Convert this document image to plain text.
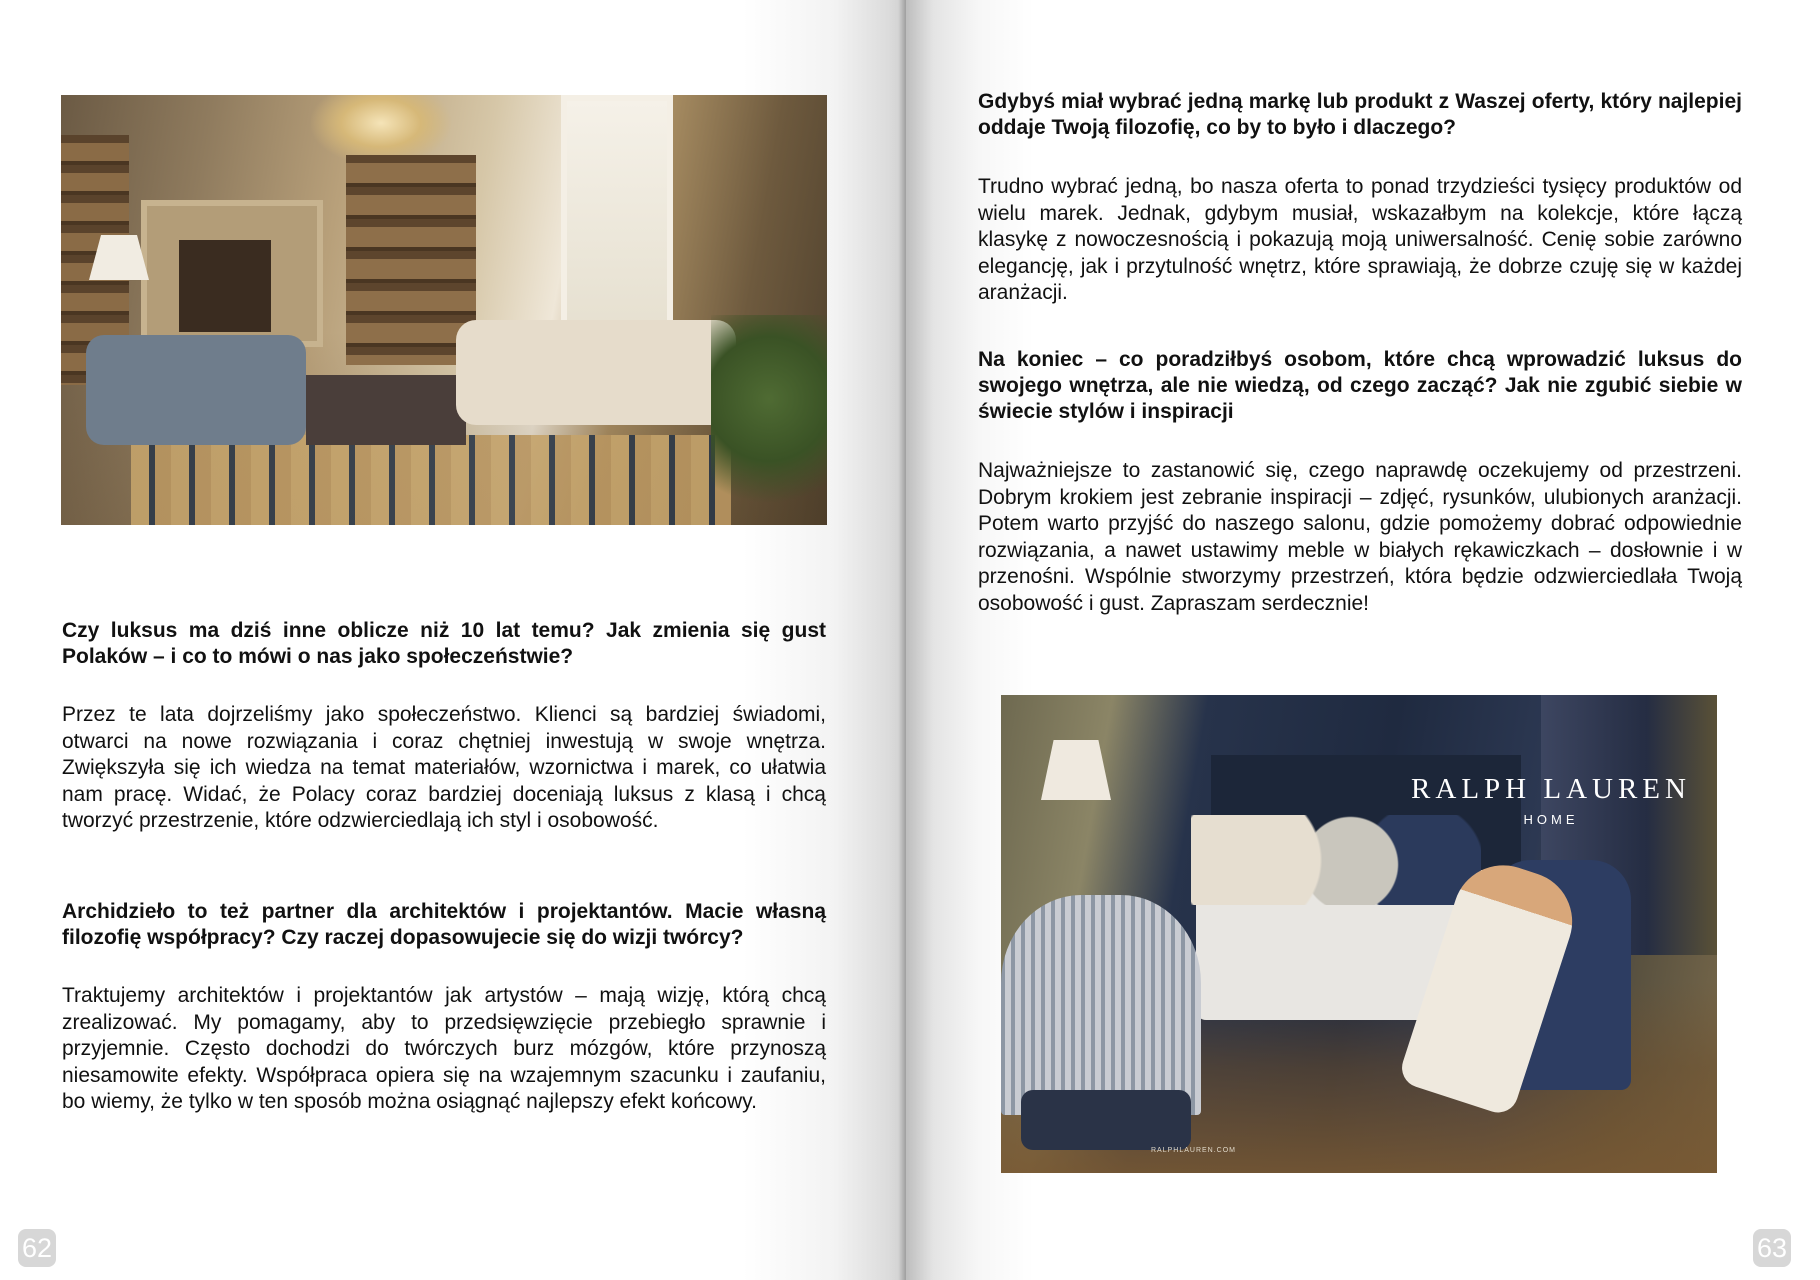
Czy luksus ma dziś inne oblicze niż 10 lat temu? Jak zmienia się gust Polaków – i co to mówi o nas jako społeczeństwie?
Przez te lata dojrzeliśmy jako społeczeństwo. Klienci są bardziej świadomi, otwarci na nowe rozwiązania i coraz chętniej inwestują w swoje wnętrza. Zwiększyła się ich wiedza na temat materiałów, wzornictwa i marek, co ułatwia nam pracę. Widać, że Polacy coraz bardziej doceniają luksus z klasą i chcą tworzyć przestrzenie, które odzwierciedlają ich styl i osobowość.
Archidzieło to też partner dla architektów i projektantów. Macie własną filozofię współpracy? Czy raczej dopasowujecie się do wizji twórcy?
Traktujemy architektów i projektantów jak artystów – mają wizję, którą chcą zrealizować. My pomagamy, aby to przedsięwzięcie przebiegło sprawnie i przyjemnie. Często dochodzi do twórczych burz mózgów, które przynoszą niesamowite efekty. Współpraca opiera się na wzajemnym szacunku i zaufaniu, bo wiemy, że tylko w ten sposób można osiągnąć najlepszy efekt końcowy.
62
Gdybyś miał wybrać jedną markę lub produkt z Waszej oferty, który najlepiej oddaje Twoją filozofię, co by to było i dlaczego?
Trudno wybrać jedną, bo nasza oferta to ponad trzydzieści tysięcy produktów od wielu marek. Jednak, gdybym musiał, wskazałbym na kolekcje, które łączą klasykę z nowoczesnością i pokazują moją uniwersalność. Cenię sobie zarówno elegancję, jak i przytulność wnętrz, które sprawiają, że dobrze czuję się w każdej aranżacji.
Na koniec – co poradziłbyś osobom, które chcą wprowadzić luksus do swojego wnętrza, ale nie wiedzą, od czego zacząć? Jak nie zgubić siebie w świecie stylów i inspiracji
Najważniejsze to zastanowić się, czego naprawdę oczekujemy od przestrzeni. Dobrym krokiem jest zebranie inspiracji – zdjęć, rysunków, ulubionych aranżacji. Potem warto przyjść do naszego salonu, gdzie pomożemy dobrać odpowiednie rozwiązania, a nawet ustawimy meble w białych rękawiczkach – dosłownie i w przenośni. Wspólnie stworzymy przestrzeń, która będzie odzwierciedlała Twoją osobowość i gust. Zapraszam serdecznie!
63
RALPH LAUREN
HOME
RALPHLAUREN.COM
